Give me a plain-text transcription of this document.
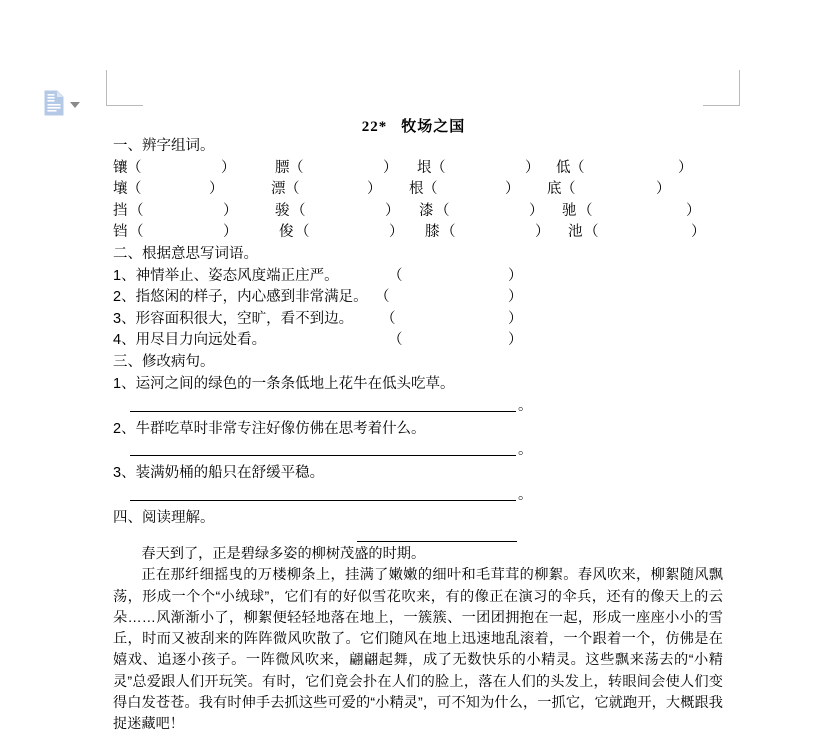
22* 牧场之国
一、辨字组词。
镶 （	）	膘 （	） 垠 （	） 低 （	）
壤 （	）	漂 （	） 根 （	） 底 （	）
挡 （	）	骏 （	） 漆 （	） 驰 （	）
铛 （	）	俊 （	） 膝 （	） 池 （	）
二、根据意思写词语。
1、神情举止、姿态风度端正庄严。	（	）
2、指悠闲的样子，内心感到非常满足。 （	）
3、形容面积很大，空旷，看不到边。 （	）
4、用尽目力向远处看。	（	）
三、修改病句。
1、运河之间的绿色的一条条低地上花牛在低头吃草。
。
2、牛群吃草时非常专注好像仿佛在思考着什么。
。
3、装满奶桶的船只在舒缓平稳。
。
四、阅读理解。

春天到了，正是碧绿多姿的柳树茂盛的时期。

正在那纤细摇曳的万楼柳条上，挂满了嫩嫩的细叶和毛茸茸的柳絮。春风吹来，柳絮随风飘荡，形成一个个“小绒球”，它们有的好似雪花吹来，有的像正在演习的伞兵，还有的像天上的云朵……风渐渐小了，柳絮便轻轻地落在地上，一簇簇、一团团拥抱在一起，形成一座座小小的雪丘，时而又被刮来的阵阵微风吹散了。它们随风在地上迅速地乱滚着，一个跟着一个，仿佛是在嬉戏、追逐小孩子。一阵微风吹来，翩翩起舞，成了无数快乐的小精灵。这些飘来荡去的“小精灵”总爱跟人们开玩笑。有时，它们竟会扑在人们的脸上，落在人们的头发上，转眼间会使人们变得白发苍苍。我有时伸手去抓这些可爱的“小精灵”，可不知为什么，一抓它，它就跑开，大概跟我捉迷藏吧！
